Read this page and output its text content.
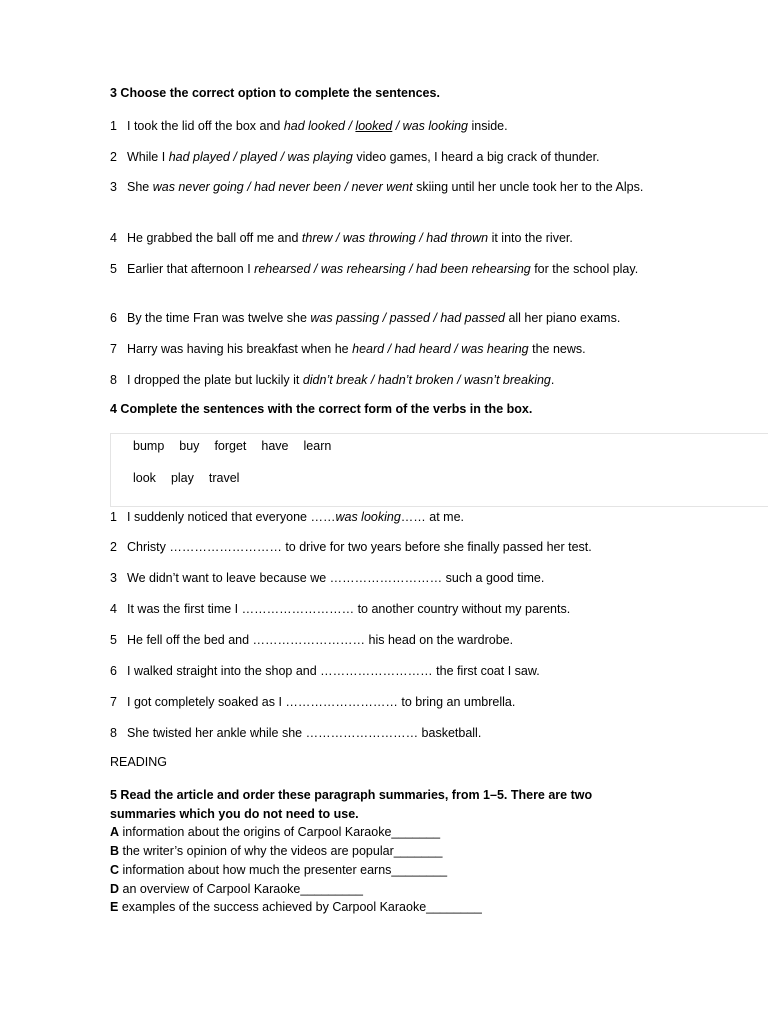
3 Choose the correct option to complete the sentences.
1 I took the lid off the box and had looked / looked / was looking inside.
2 While I had played / played / was playing video games, I heard a big crack of thunder.
3 She was never going / had never been / never went skiing until her uncle took her to the Alps.
4 He grabbed the ball off me and threw / was throwing / had thrown it into the river.
5 Earlier that afternoon I rehearsed / was rehearsing / had been rehearsing for the school play.
6 By the time Fran was twelve she was passing / passed / had passed all her piano exams.
7 Harry was having his breakfast when he heard / had heard / was hearing the news.
8 I dropped the plate but luckily it didn’t break / hadn’t broken / wasn’t breaking.
4 Complete the sentences with the correct form of the verbs in the box.
bump buy forget have learn
look play travel
1 I suddenly noticed that everyone ……was looking…… at me.
2 Christy ……………………… to drive for two years before she finally passed her test.
3 We didn’t want to leave because we ……………………… such a good time.
4 It was the first time I ……………………… to another country without my parents.
5 He fell off the bed and ……………………… his head on the wardrobe.
6 I walked straight into the shop and ……………………… the first coat I saw.
7 I got completely soaked as I ……………………… to bring an umbrella.
8 She twisted her ankle while she ……………………… basketball.
READING
5 Read the article and order these paragraph summaries, from 1–5. There are two summaries which you do not need to use.
A information about the origins of Carpool Karaoke_______
B the writer’s opinion of why the videos are popular_______
C information about how much the presenter earns________
D an overview of Carpool Karaoke_________
E examples of the success achieved by Carpool Karaoke________
